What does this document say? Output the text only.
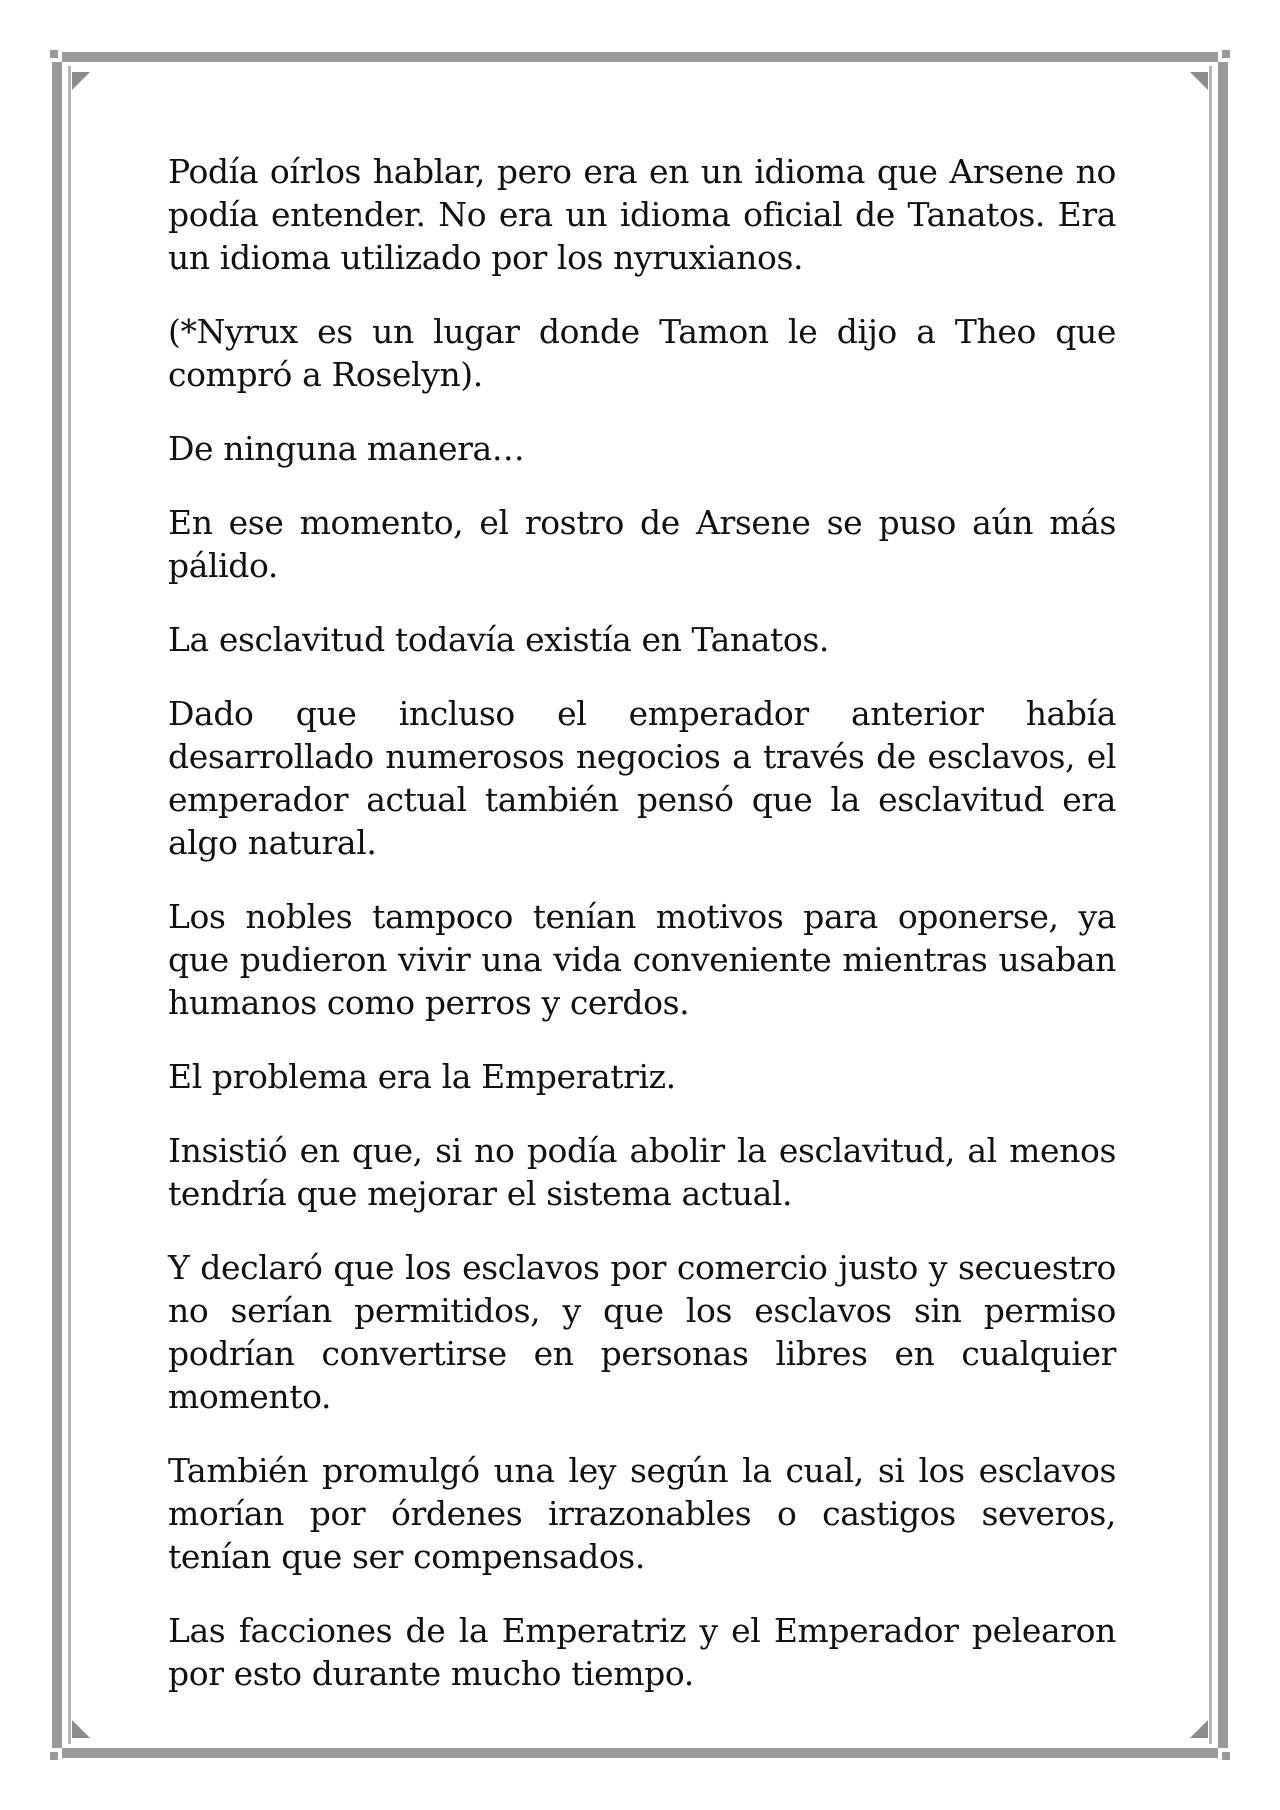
Podía oírlos hablar, pero era en un idioma que Arsene no podía entender. No era un idioma oficial de Tanatos. Era un idioma utilizado por los nyruxianos.

(*Nyrux es un lugar donde Tamon le dijo a Theo que compró a Roselyn).

De ninguna manera…

En ese momento, el rostro de Arsene se puso aún más pálido.

La esclavitud todavía existía en Tanatos.

Dado que incluso el emperador anterior había desarrollado numerosos negocios a través de esclavos, el emperador actual también pensó que la esclavitud era algo natural.

Los nobles tampoco tenían motivos para oponerse, ya que pudieron vivir una vida conveniente mientras usaban humanos como perros y cerdos.

El problema era la Emperatriz.

Insistió en que, si no podía abolir la esclavitud, al menos tendría que mejorar el sistema actual.

Y declaró que los esclavos por comercio justo y secuestro no serían permitidos, y que los esclavos sin permiso podrían convertirse en personas libres en cualquier momento.

También promulgó una ley según la cual, si los esclavos morían por órdenes irrazonables o castigos severos, tenían que ser compensados.

Las facciones de la Emperatriz y el Emperador pelearon por esto durante mucho tiempo.
